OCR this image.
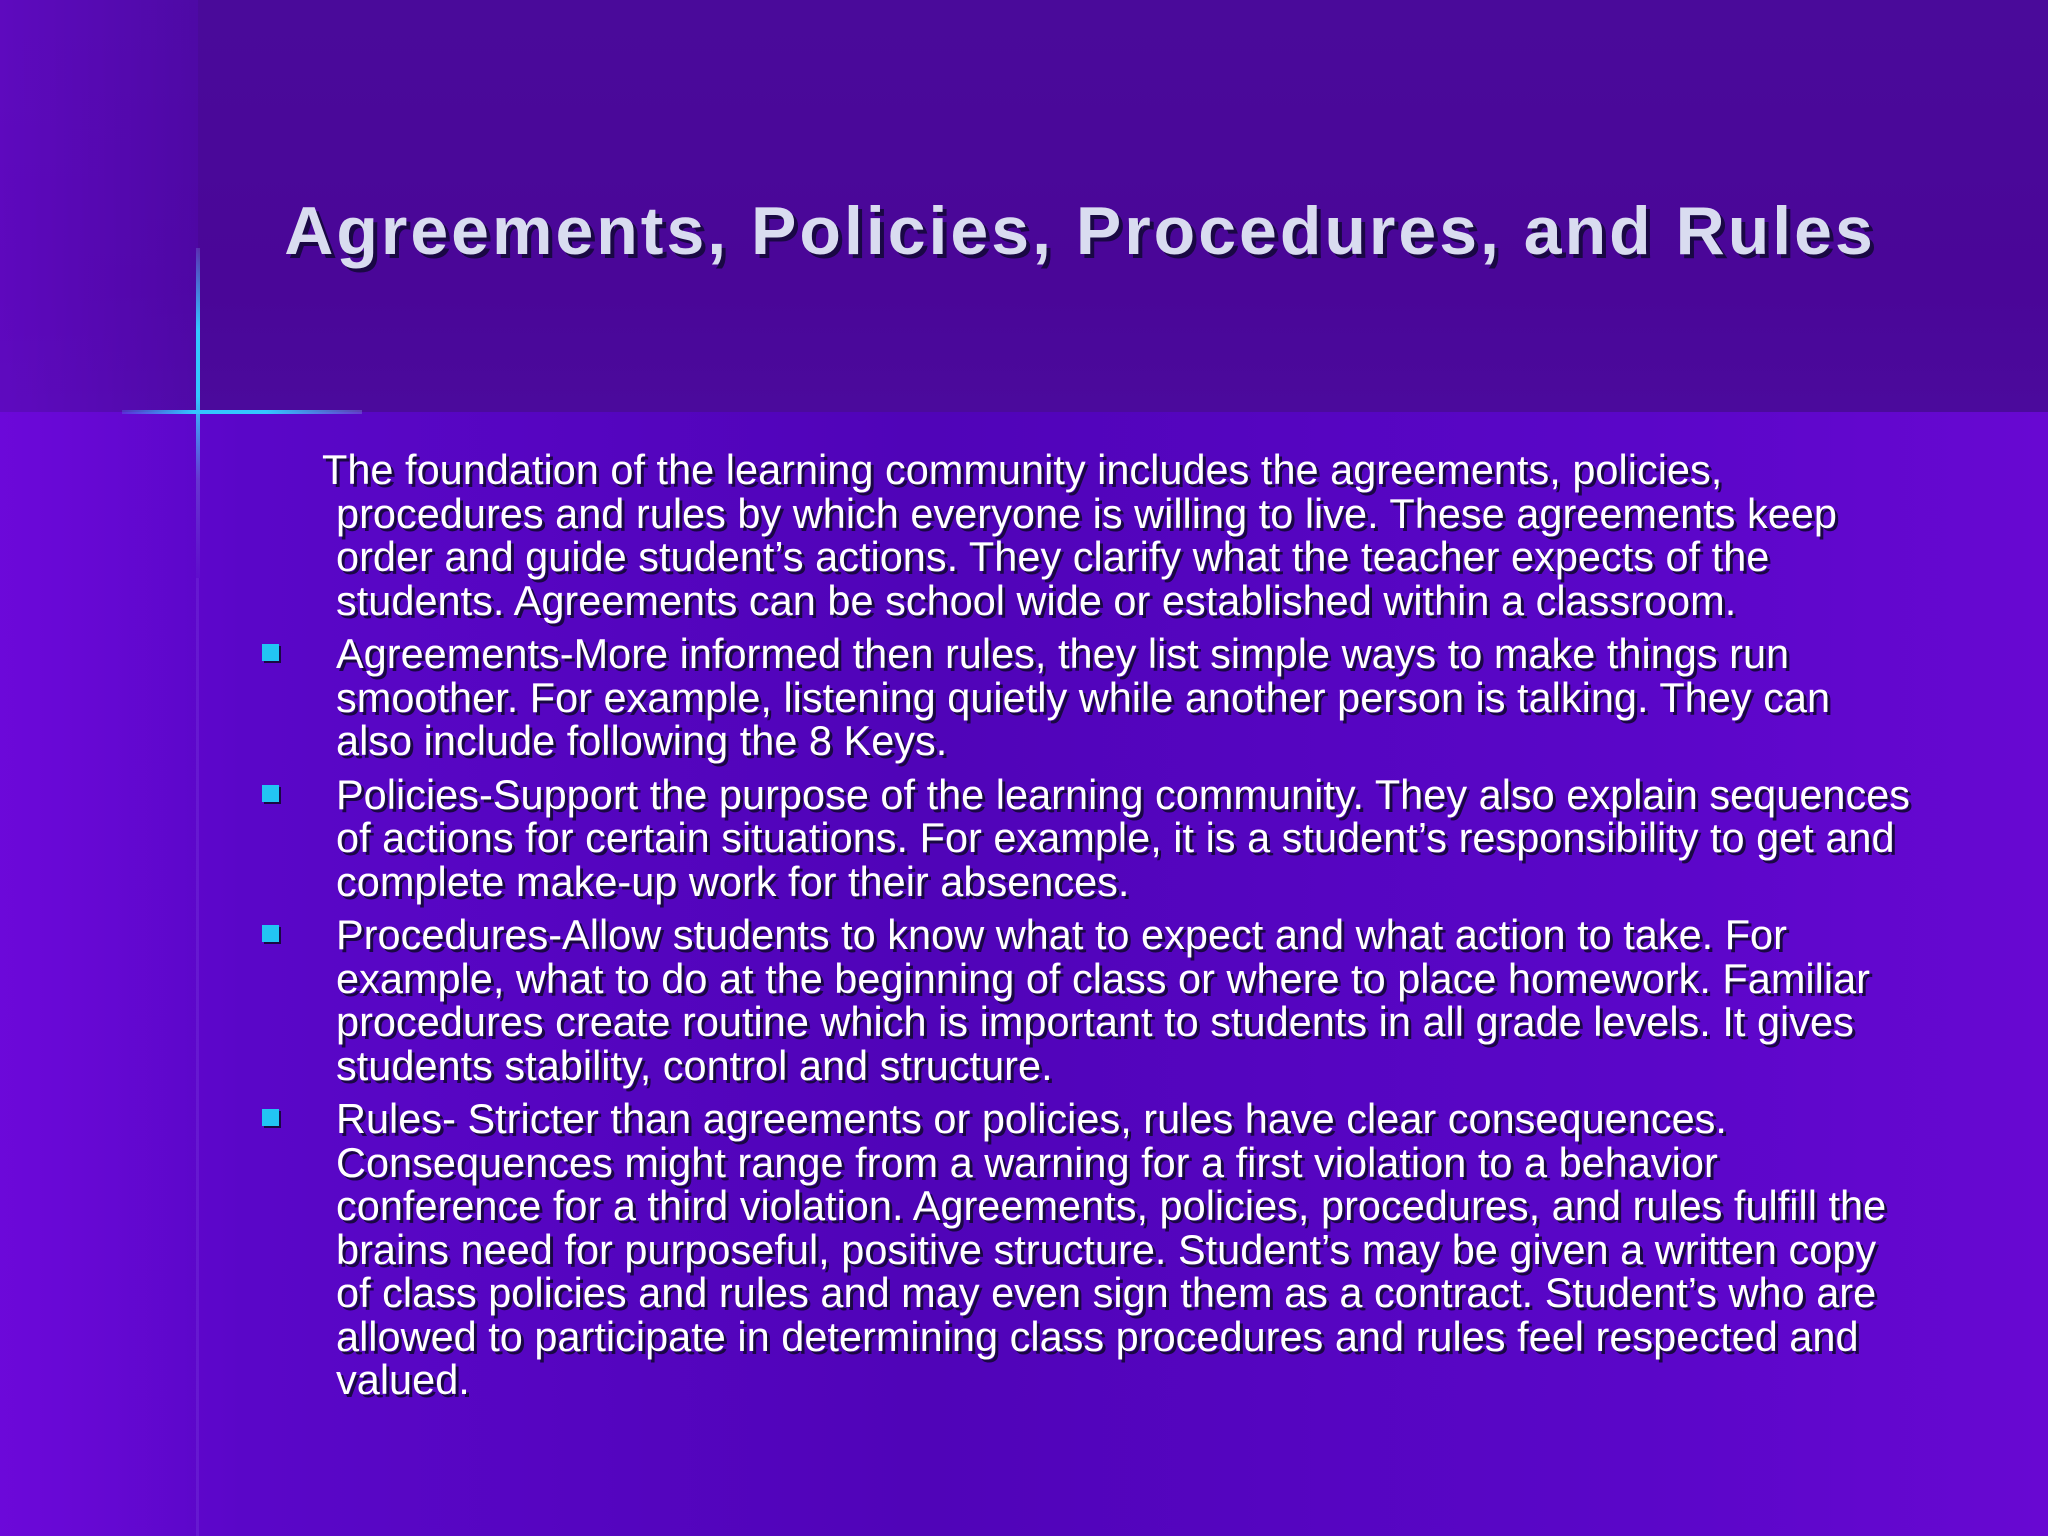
Agreements, Policies, Procedures, and Rules

The foundation of the learning community includes the agreements, policies, procedures and rules by which everyone is willing to live. These agreements keep order and guide student’s actions. They clarify what the teacher expects of the students. Agreements can be school wide or established within a classroom.

Agreements-More informed then rules, they list simple ways to make things run smoother. For example, listening quietly while another person is talking. They can also include following the 8 Keys.
Policies-Support the purpose of the learning community. They also explain sequences of actions for certain situations. For example, it is a student’s responsibility to get and complete make-up work for their absences.
Procedures-Allow students to know what to expect and what action to take. For example, what to do at the beginning of class or where to place homework. Familiar procedures create routine which is important to students in all grade levels. It gives students stability, control and structure.
Rules- Stricter than agreements or policies, rules have clear consequences. Consequences might range from a warning for a first violation to a behavior conference for a third violation. Agreements, policies, procedures, and rules fulfill the brains need for purposeful, positive structure. Student’s may be given a written copy of class policies and rules and may even sign them as a contract. Student’s who are allowed to participate in determining class procedures and rules feel respected and valued.
